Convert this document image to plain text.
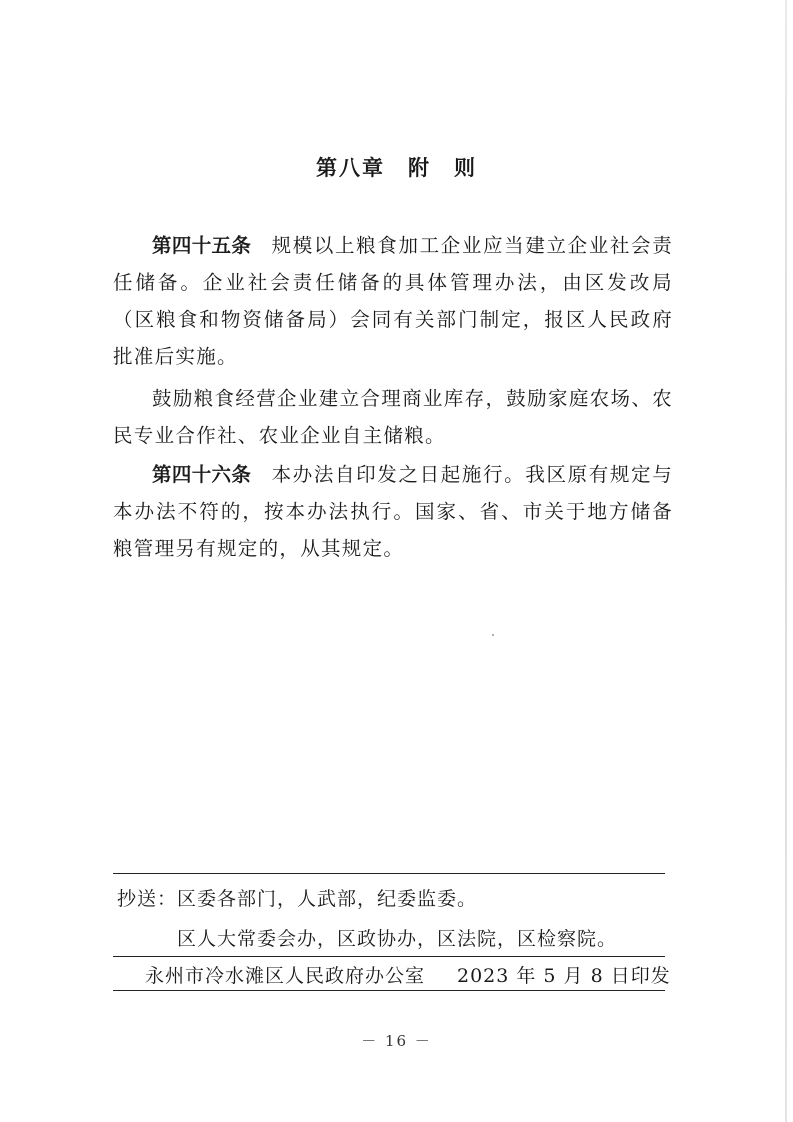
第八章　附　则

第四十五条 规模以上粮食加工企业应当建立企业社会责任储备。企业社会责任储备的具体管理办法，由区发改局（区粮食和物资储备局）会同有关部门制定，报区人民政府批准后实施。

鼓励粮食经营企业建立合理商业库存，鼓励家庭农场、农民专业合作社、农业企业自主储粮。

第四十六条 本办法自印发之日起施行。我区原有规定与本办法不符的，按本办法执行。国家、省、市关于地方储备粮管理另有规定的，从其规定。

抄送：区委各部门，人武部，纪委监委。
区人大常委会办，区政协办，区法院，区检察院。
永州市冷水滩区人民政府办公室 2023 年 5 月 8 日印发
－ 16 －
